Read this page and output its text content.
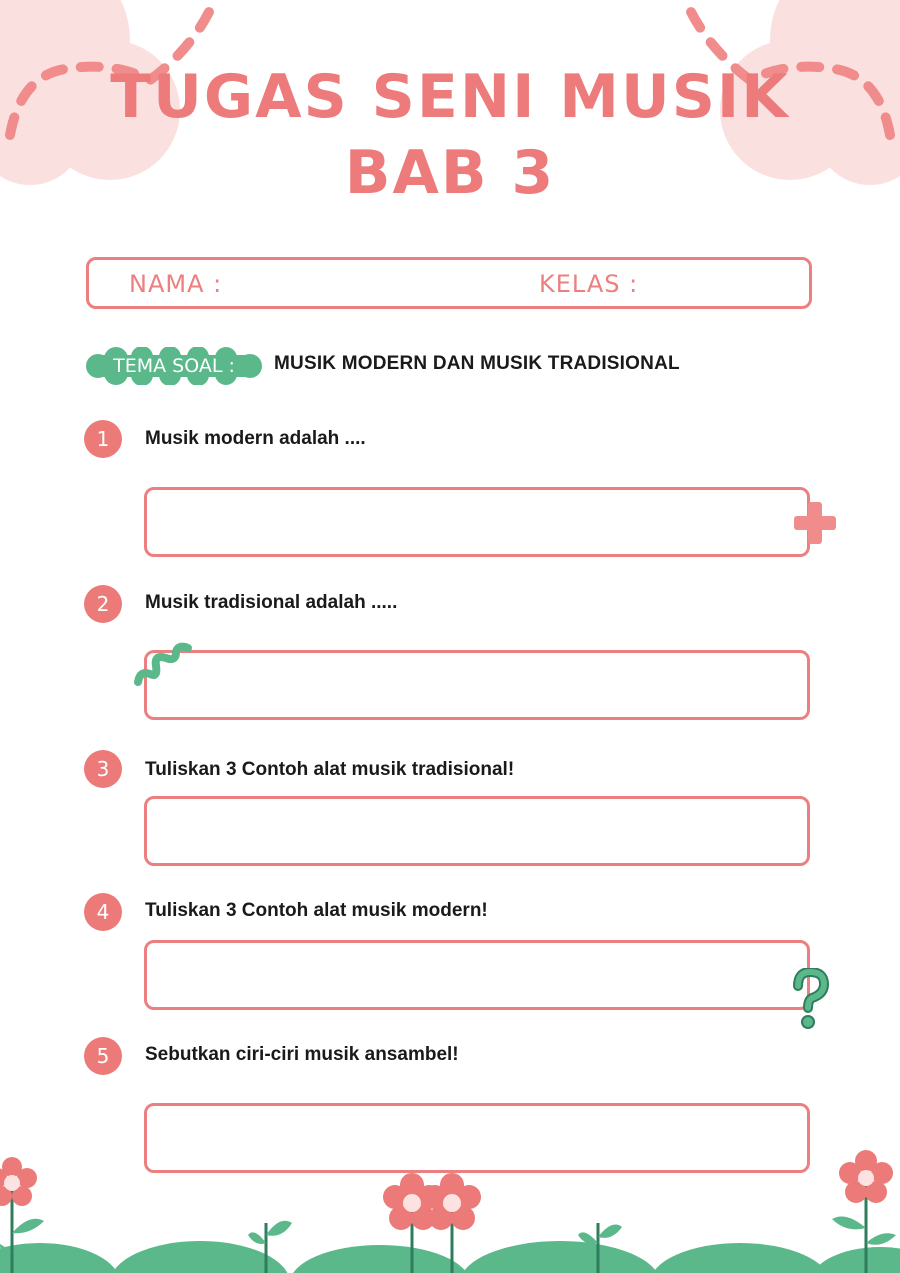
TUGAS SENI MUSIK
BAB 3
NAMA :	KELAS :
TEMA SOAL :	MUSIK MODERN DAN MUSIK TRADISIONAL
1	Musik modern adalah ....
2	Musik tradisional adalah .....
3	Tuliskan 3 Contoh alat musik tradisional!
4	Tuliskan 3 Contoh alat musik modern!
5	Sebutkan ciri-ciri musik ansambel!
